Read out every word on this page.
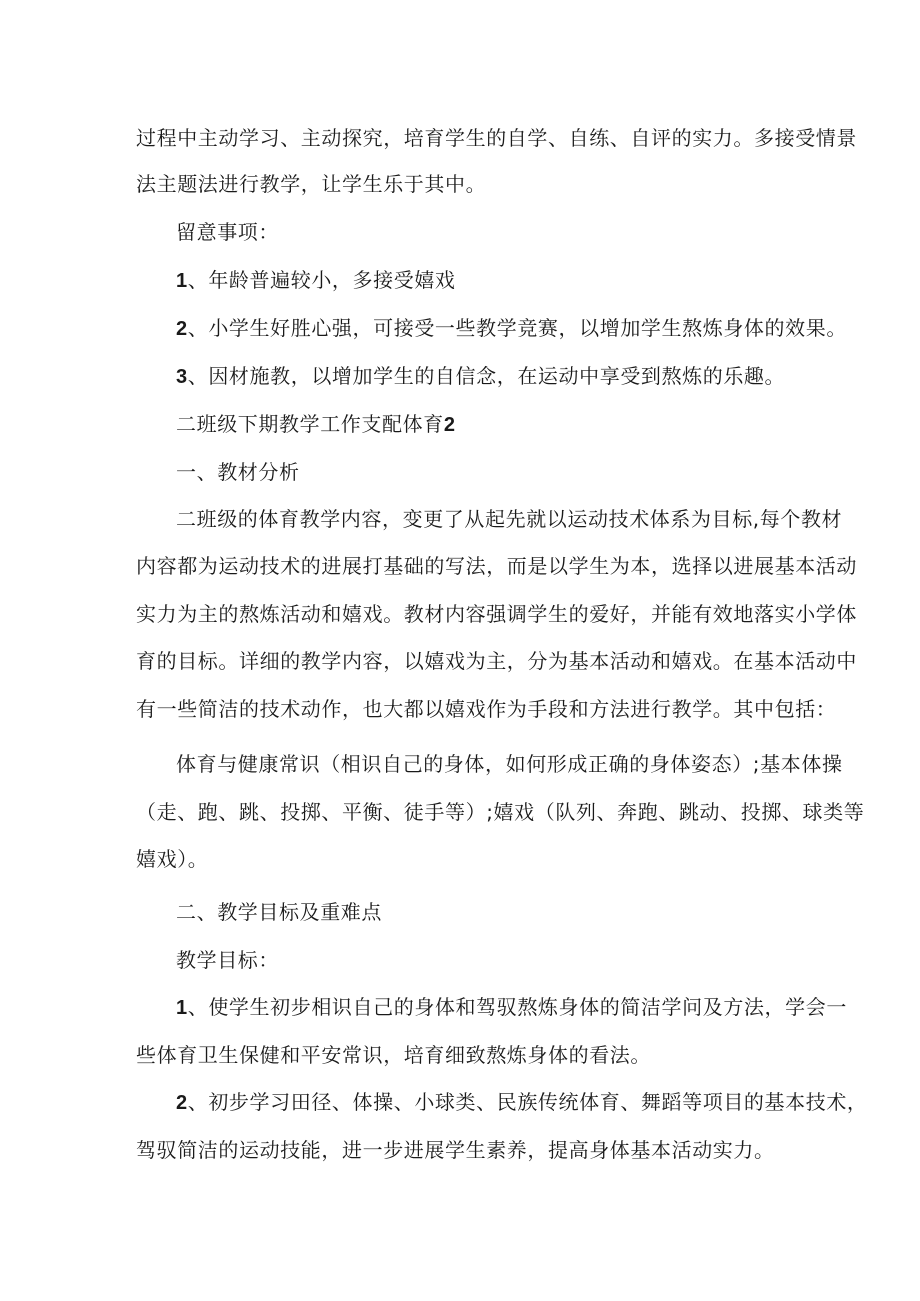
过程中主动学习、主动探究，培育学生的自学、自练、自评的实力。多接受情景
法主题法进行教学，让学生乐于其中。
留意事项：
1、年龄普遍较小，多接受嬉戏
2、小学生好胜心强，可接受一些教学竞赛，以增加学生熬炼身体的效果。
3、因材施教，以增加学生的自信念，在运动中享受到熬炼的乐趣。
二班级下期教学工作支配体育2
一、教材分析
二班级的体育教学内容，变更了从起先就以运动技术体系为目标,每个教材
内容都为运动技术的进展打基础的写法，而是以学生为本，选择以进展基本活动
实力为主的熬炼活动和嬉戏。教材内容强调学生的爱好，并能有效地落实小学体
育的目标。详细的教学内容，以嬉戏为主，分为基本活动和嬉戏。在基本活动中
有一些简洁的技术动作，也大都以嬉戏作为手段和方法进行教学。其中包括：
体育与健康常识（相识自己的身体，如何形成正确的身体姿态）;基本体操
（走、跑、跳、投掷、平衡、徒手等）;嬉戏（队列、奔跑、跳动、投掷、球类等
嬉戏）。
二、教学目标及重难点
教学目标：
1、使学生初步相识自己的身体和驾驭熬炼身体的简洁学问及方法，学会一
些体育卫生保健和平安常识，培育细致熬炼身体的看法。
2、初步学习田径、体操、小球类、民族传统体育、舞蹈等项目的基本技术，
驾驭简洁的运动技能，进一步进展学生素养，提高身体基本活动实力。
